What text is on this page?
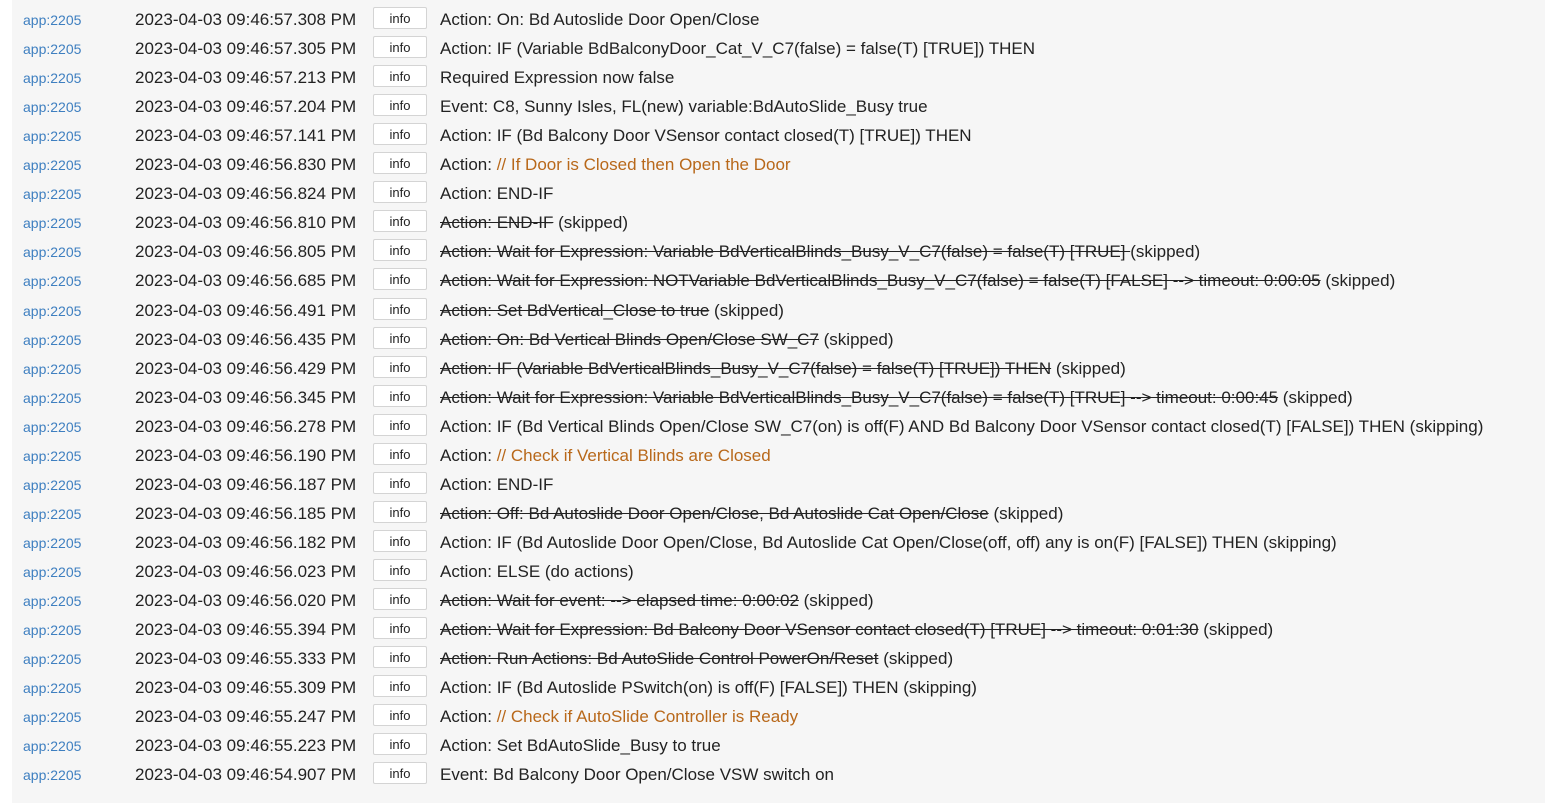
app:2205	2023-04-03 09:46:57.308 PM	info	Action: On: Bd Autoslide Door Open/Close
app:2205	2023-04-03 09:46:57.305 PM	info	Action: IF (Variable BdBalconyDoor_Cat_V_C7(false) = false(T) [TRUE]) THEN
app:2205	2023-04-03 09:46:57.213 PM	info	Required Expression now false
app:2205	2023-04-03 09:46:57.204 PM	info	Event: C8, Sunny Isles, FL(new) variable:BdAutoSlide_Busy true
app:2205	2023-04-03 09:46:57.141 PM	info	Action: IF (Bd Balcony Door VSensor contact closed(T) [TRUE]) THEN
app:2205	2023-04-03 09:46:56.830 PM	info	Action: // If Door is Closed then Open the Door
app:2205	2023-04-03 09:46:56.824 PM	info	Action: END-IF
app:2205	2023-04-03 09:46:56.810 PM	info	Action: END-IF (skipped)
app:2205	2023-04-03 09:46:56.805 PM	info	Action: Wait for Expression: Variable BdVerticalBlinds_Busy_V_C7(false) = false(T) [TRUE] (skipped)
app:2205	2023-04-03 09:46:56.685 PM	info	Action: Wait for Expression: NOTVariable BdVerticalBlinds_Busy_V_C7(false) = false(T) [FALSE] --> timeout: 0:00:05 (skipped)
app:2205	2023-04-03 09:46:56.491 PM	info	Action: Set BdVertical_Close to true (skipped)
app:2205	2023-04-03 09:46:56.435 PM	info	Action: On: Bd Vertical Blinds Open/Close SW_C7 (skipped)
app:2205	2023-04-03 09:46:56.429 PM	info	Action: IF (Variable BdVerticalBlinds_Busy_V_C7(false) = false(T) [TRUE]) THEN (skipped)
app:2205	2023-04-03 09:46:56.345 PM	info	Action: Wait for Expression: Variable BdVerticalBlinds_Busy_V_C7(false) = false(T) [TRUE] --> timeout: 0:00:45 (skipped)
app:2205	2023-04-03 09:46:56.278 PM	info	Action: IF (Bd Vertical Blinds Open/Close SW_C7(on) is off(F) AND Bd Balcony Door VSensor contact closed(T) [FALSE]) THEN (skipping)
app:2205	2023-04-03 09:46:56.190 PM	info	Action: // Check if Vertical Blinds are Closed
app:2205	2023-04-03 09:46:56.187 PM	info	Action: END-IF
app:2205	2023-04-03 09:46:56.185 PM	info	Action: Off: Bd Autoslide Door Open/Close, Bd Autoslide Cat Open/Close (skipped)
app:2205	2023-04-03 09:46:56.182 PM	info	Action: IF (Bd Autoslide Door Open/Close, Bd Autoslide Cat Open/Close(off, off) any is on(F) [FALSE]) THEN (skipping)
app:2205	2023-04-03 09:46:56.023 PM	info	Action: ELSE (do actions)
app:2205	2023-04-03 09:46:56.020 PM	info	Action: Wait for event: --> elapsed time: 0:00:02 (skipped)
app:2205	2023-04-03 09:46:55.394 PM	info	Action: Wait for Expression: Bd Balcony Door VSensor contact closed(T) [TRUE] --> timeout: 0:01:30 (skipped)
app:2205	2023-04-03 09:46:55.333 PM	info	Action: Run Actions: Bd AutoSlide Control PowerOn/Reset (skipped)
app:2205	2023-04-03 09:46:55.309 PM	info	Action: IF (Bd Autoslide PSwitch(on) is off(F) [FALSE]) THEN (skipping)
app:2205	2023-04-03 09:46:55.247 PM	info	Action: // Check if AutoSlide Controller is Ready
app:2205	2023-04-03 09:46:55.223 PM	info	Action: Set BdAutoSlide_Busy to true
app:2205	2023-04-03 09:46:54.907 PM	info	Event: Bd Balcony Door Open/Close VSW switch on
